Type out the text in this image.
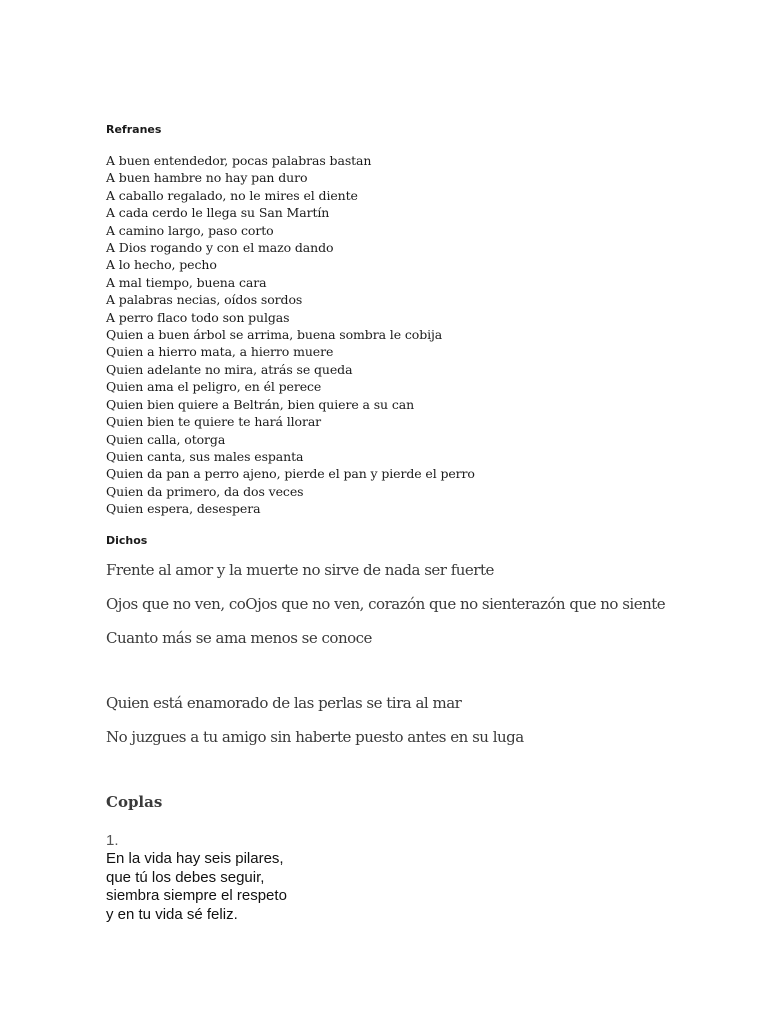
Refranes
A buen entendedor, pocas palabras bastan
A buen hambre no hay pan duro
A caballo regalado, no le mires el diente
A cada cerdo le llega su San Martín
A camino largo, paso corto
A Dios rogando y con el mazo dando
A lo hecho, pecho
A mal tiempo, buena cara
A palabras necias, oídos sordos
A perro flaco todo son pulgas
Quien a buen árbol se arrima, buena sombra le cobija
Quien a hierro mata, a hierro muere
Quien adelante no mira, atrás se queda
Quien ama el peligro, en él perece
Quien bien quiere a Beltrán, bien quiere a su can
Quien bien te quiere te hará llorar
Quien calla, otorga
Quien canta, sus males espanta
Quien da pan a perro ajeno, pierde el pan y pierde el perro
Quien da primero, da dos veces
Quien espera, desespera
Dichos

Frente al amor y la muerte no sirve de nada ser fuerte

Ojos que no ven, coOjos que no ven, corazón que no sienterazón que no siente

Cuanto más se ama menos se conoce

Quien está enamorado de las perlas se tira al mar

No juzgues a tu amigo sin haberte puesto antes en su luga

Coplas

1.

En la vida hay seis pilares,
que tú los debes seguir,
siembra siempre el respeto
y en tu vida sé feliz.
